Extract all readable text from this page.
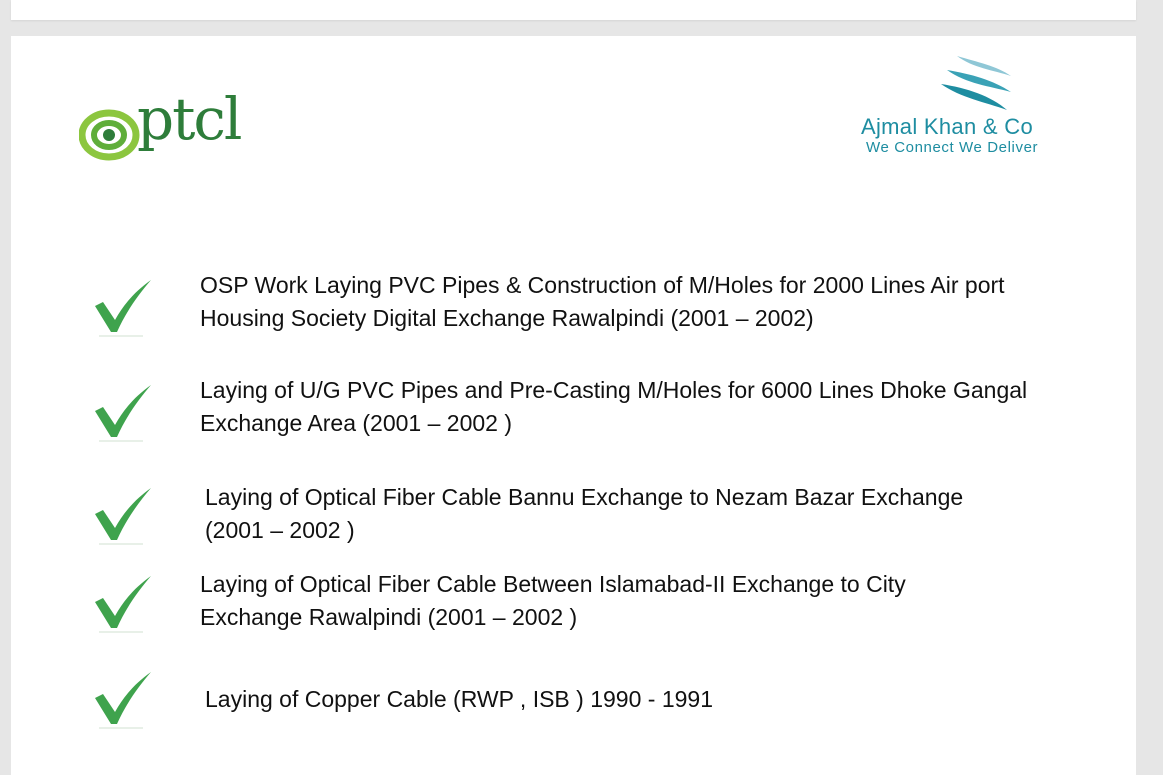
ptcl	Ajmal Khan & Co
We Connect We Deliver
OSP Work Laying PVC Pipes & Construction of M/Holes for 2000 Lines Air port
Housing Society Digital Exchange Rawalpindi (2001 – 2002)
Laying of U/G PVC Pipes and Pre-Casting M/Holes for 6000 Lines Dhoke Gangal
Exchange Area (2001 – 2002 )
Laying of Optical Fiber Cable Bannu Exchange to Nezam Bazar Exchange
(2001 – 2002 )
Laying of Optical Fiber Cable Between Islamabad-II Exchange to City
Exchange Rawalpindi (2001 – 2002 )
Laying of Copper Cable (RWP , ISB ) 1990 - 1991
